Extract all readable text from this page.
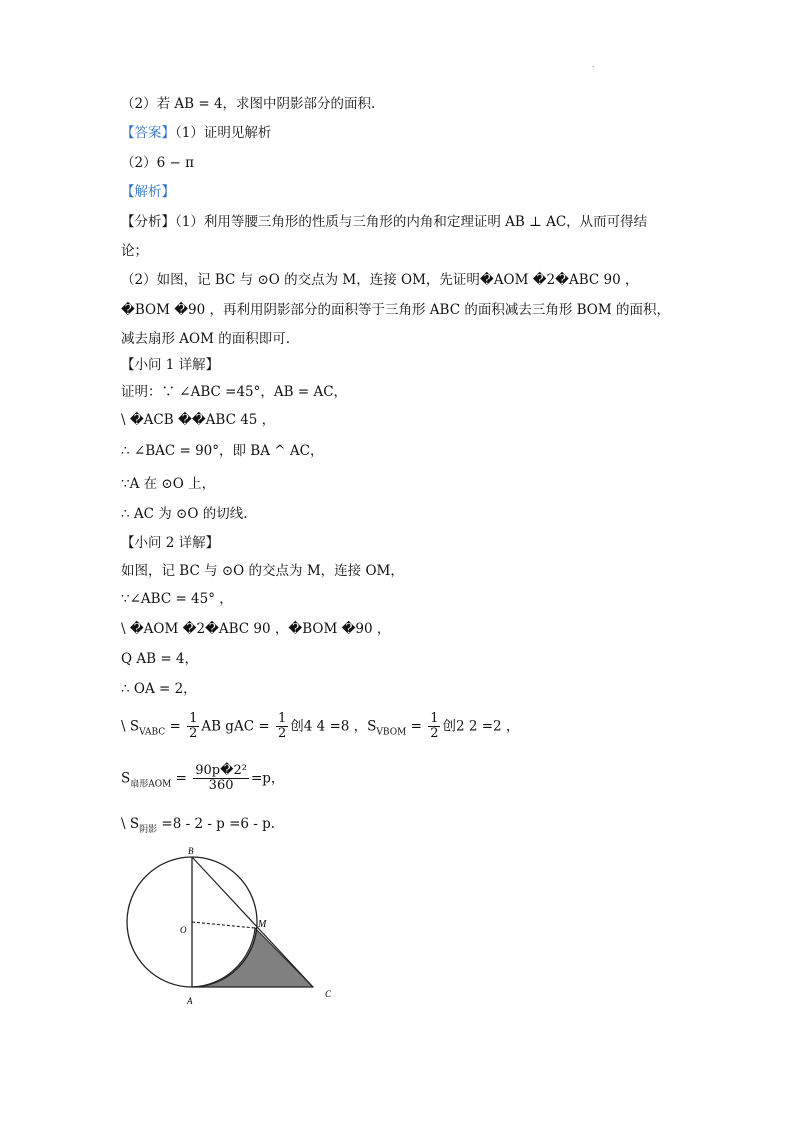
.
（2）若 AB = 4，求图中阴影部分的面积.
【答案】（1）证明见解析
（2）6 − π
【解析】
【分析】（1）利用等腰三角形的性质与三角形的内角和定理证明 AB ⊥ AC，从而可得结
论；
（2）如图，记 BC 与 ⊙O 的交点为 M，连接 OM，先证明�AOM �2�ABC 90 ，
�BOM �90 ，再利用阴影部分的面积等于三角形 ABC 的面积减去三角形 BOM 的面积，
减去扇形 AOM 的面积即可.
【小问 1 详解】
证明：∵ ∠ABC =45°，AB = AC，
\ �ACB ��ABC 45 ，
∴ ∠BAC = 90°，即 BA ^ AC，
∵A 在 ⊙O 上，
∴ AC 为 ⊙O 的切线.
【小问 2 详解】
如图，记 BC 与 ⊙O 的交点为 M，连接 OM，
∵∠ABC = 45° ，
\ �AOM �2�ABC 90 ，�BOM �90 ，
Q AB = 4，
∴ OA = 2，
\ $S_{VABC} = \frac{1}{2}$ AB gAC = $\frac{1}{2}$ 创4 4 =8 ，$S_{VBOM} = \frac{1}{2}$ 创2 2 =2 ，
$S_{扇形AOM} = \frac{\text{90p�2²}}{360} =p$，
\ $S_{阴影} =8 - 2 - p =6 - p$.
B
O	M
A
C
